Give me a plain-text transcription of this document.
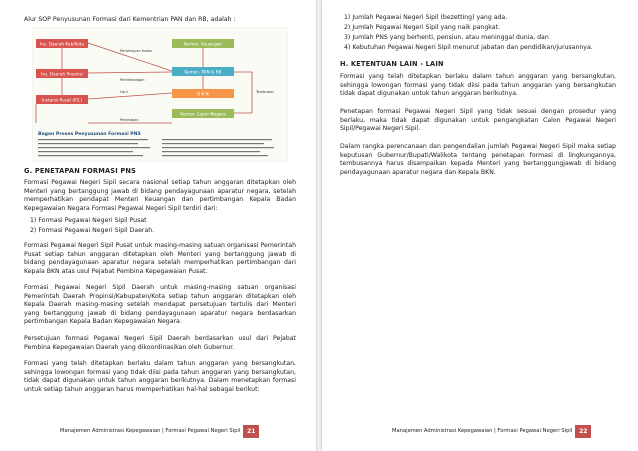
Alur SOP Penyusunan Formasi dari Kementrian PAN dan RB, adalah :
Ins. Daerah Kab/Kota
Ins. Daerah Propinsi
Instansi Pusat (K/L)
Kemen. Keuangan
Kemen. PAN & RB
B K N
Kemen. Lapor Negara
Persetujuan Kuota
Pertimbangan
Usul
Penetapan
Tembusan
Bagan Proses Penyusunan Formasi PNS
G. PENETAPAN FORMASI PNS
Formasi Pegawai Negeri Sipil secara nasional setiap tahun anggaran ditetapkan oleh Menteri yang bertanggung jawab di bidang pendayagunaan aparatur negara, setelah memperhatikan pendapat Menteri Keuangan dan pertimbangan Kepala Badan Kepegawaian Negara Formasi Pegawai Negeri Sipil terdiri dari:
1) Formasi Pegawai Negeri Sipil Pusat
2) Formasi Pegawai Negeri Sipil Daerah.
Formasi Pegawai Negeri Sipil Pusat untuk masing-masing satuan organisasi Pemerintah Pusat setiap tahun anggaran ditetapkan oleh Menteri yang bertanggung jawab di bidang pendayagunaan aparatur negara setelah memperhatikan pertimbangan dari Kepala BKN atas usul Pejabat Pembina Kepegawaian Pusat.
Formasi Pegawai Negeri Sipil Daerah untuk masing-masing satuan organisasi Pemerintah Daerah Propinsi/Kabupaten/Kota setiap tahun anggaran ditetapkan oleh Kepala Daerah masing-masing setelah mendapat persetujuan tertulis dari Menteri yang bertanggung jawab di bidang pendayagunaan aparatur negara berdasarkan pertimbangan Kepala Badan Kepegawaian Negara.
Persetujuan formasi Pegawai Negeri Sipil Daerah berdasarkan usul dari Pejabat Pembina Kepegawaian Daerah yang dikoordinasikan oleh Gubernur.
Formasi yang telah ditetapkan berlaku dalam tahun anggaran yang bersangkutan, sehingga lowongan formasi yang tidak diisi pada tahun anggaran yang bersangkutan, tidak dapat digunakan untuk tahun anggaran berikutnya. Dalam menetapkan formasi untuk setiap tahun anggaran harus memperhatikan hal-hal sebagai berikut:
Manajemen Administrasi Kepegawaian | Formasi Pegawai Negeri Sipil	21
1) Jumlah Pegawai Negeri Sipil (bezetting) yang ada.
2) Jumlah Pegawai Negeri Sipil yang naik pangkat.
3) Jumlah PNS yang berhenti, pensiun, atau meninggal dunia, dan
4) Kebutuhan Pegawai Negeri Sipil menurut jabatan dan pendidikan/jurusannya.
H. KETENTUAN LAIN - LAIN
Formasi yang telah ditetapkan berlaku dalam tahun anggaran yang bersangkutan, sehingga lowongan formasi yang tidak diisi pada tahun anggaran yang bersangkutan tidak dapat digunakan untuk tahun anggaran berikutnya.
Penetapan formasi Pegawai Negeri Sipil yang tidak sesuai dengan prosedur yang berlaku, maka tidak dapat digunakan untuk pengangkatan Calon Pegawai Negeri Sipil/Pegawai Negeri Sipil.
Dalam rangka perencanaan dan pengendalian jumlah Pegawai Negeri Sipil maka setiap keputusan Gubernur/Bupati/Walikota tentang penetapan formasi di lingkungannya, tembusannya harus disampaikan kepada Menteri yang bertanggungjawab di bidang pendayagunaan aparatur negara dan Kepala BKN.
Manajemen Administrasi Kepegawaian | Formasi Pegawai Negeri Sipil	22
